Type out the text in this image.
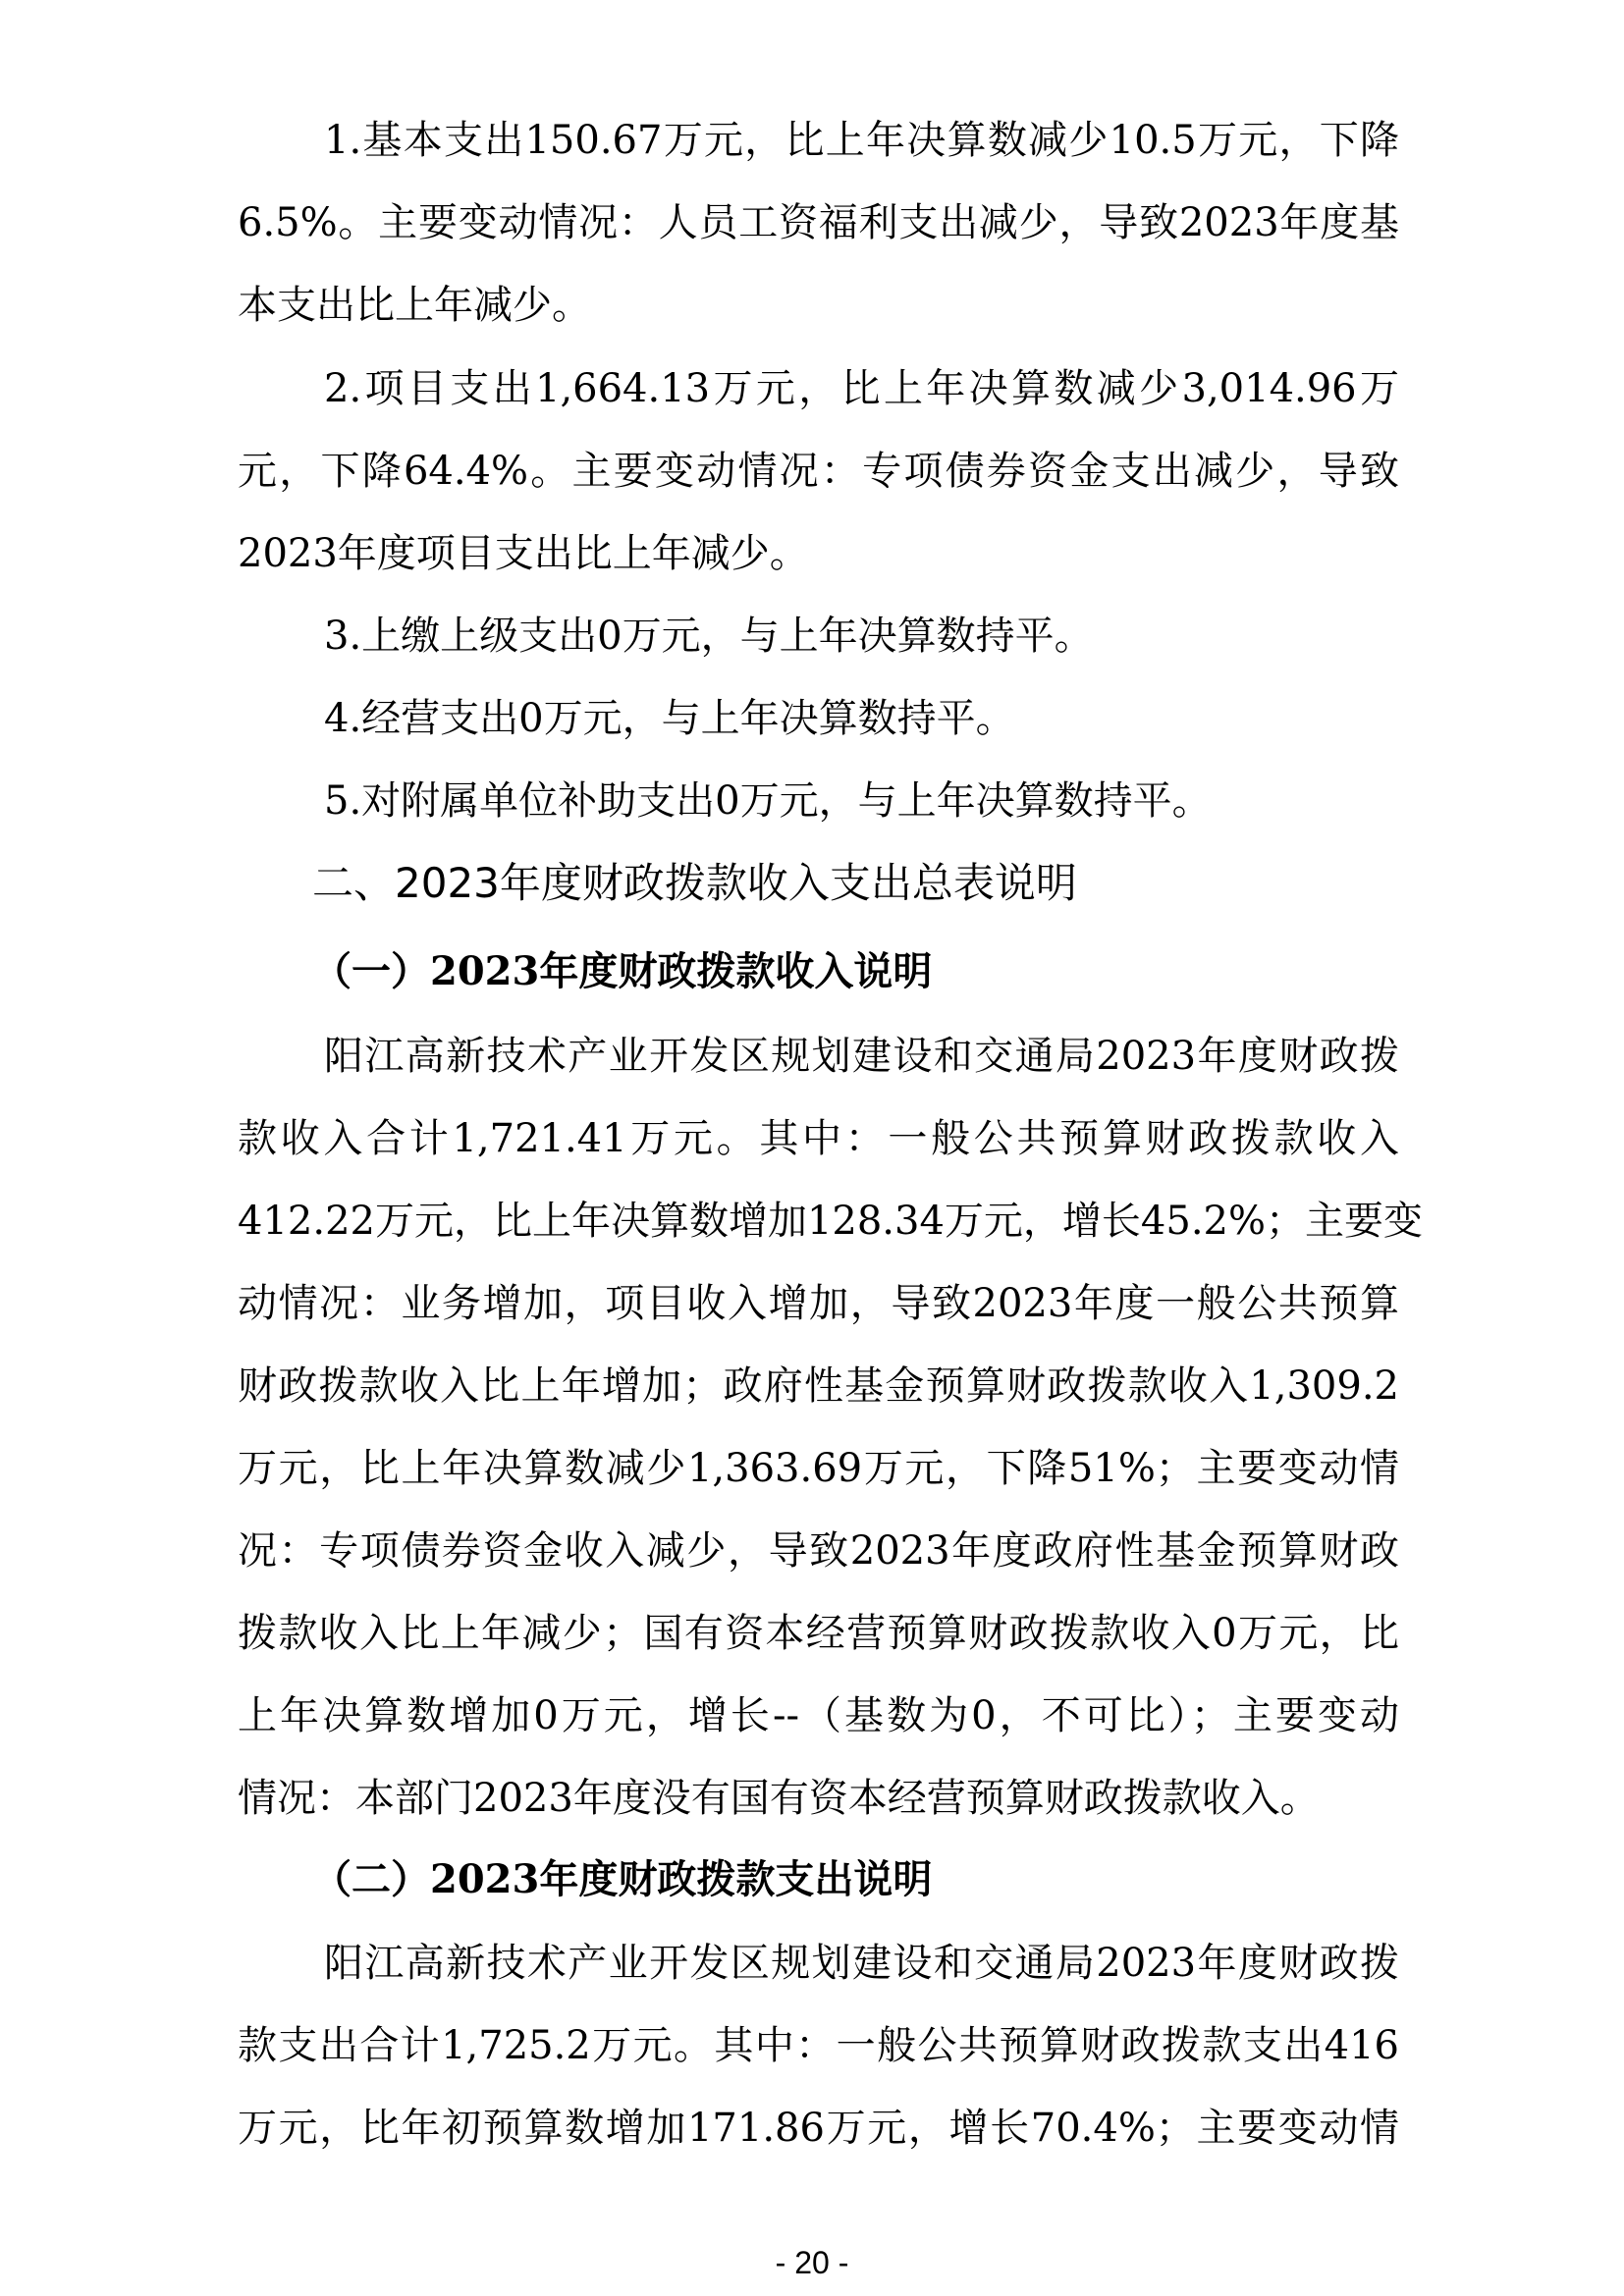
1.基本支出150.67万元，比上年决算数减少10.5万元，下降
6.5%。主要变动情况：人员工资福利支出减少，导致2023年度基
本支出比上年减少。
2.项目支出1,664.13万元，比上年决算数减少3,014.96万
元，下降64.4%。主要变动情况：专项债券资金支出减少，导致
2023年度项目支出比上年减少。
3.上缴上级支出0万元，与上年决算数持平。
4.经营支出0万元，与上年决算数持平。
5.对附属单位补助支出0万元，与上年决算数持平。
二、2023年度财政拨款收入支出总表说明
（一）2023年度财政拨款收入说明
阳江高新技术产业开发区规划建设和交通局2023年度财政拨
款收入合计1,721.41万元。其中：一般公共预算财政拨款收入
412.22万元，比上年决算数增加128.34万元，增长45.2%；主要变
动情况：业务增加，项目收入增加，导致2023年度一般公共预算
财政拨款收入比上年增加；政府性基金预算财政拨款收入1,309.2
万元，比上年决算数减少1,363.69万元，下降51%；主要变动情
况：专项债券资金收入减少，导致2023年度政府性基金预算财政
拨款收入比上年减少；国有资本经营预算财政拨款收入0万元，比
上年决算数增加0万元，增长--（基数为0，不可比）；主要变动
情况：本部门2023年度没有国有资本经营预算财政拨款收入。
（二）2023年度财政拨款支出说明
阳江高新技术产业开发区规划建设和交通局2023年度财政拨
款支出合计1,725.2万元。其中：一般公共预算财政拨款支出416
万元，比年初预算数增加171.86万元，增长70.4%；主要变动情
- 20 -
